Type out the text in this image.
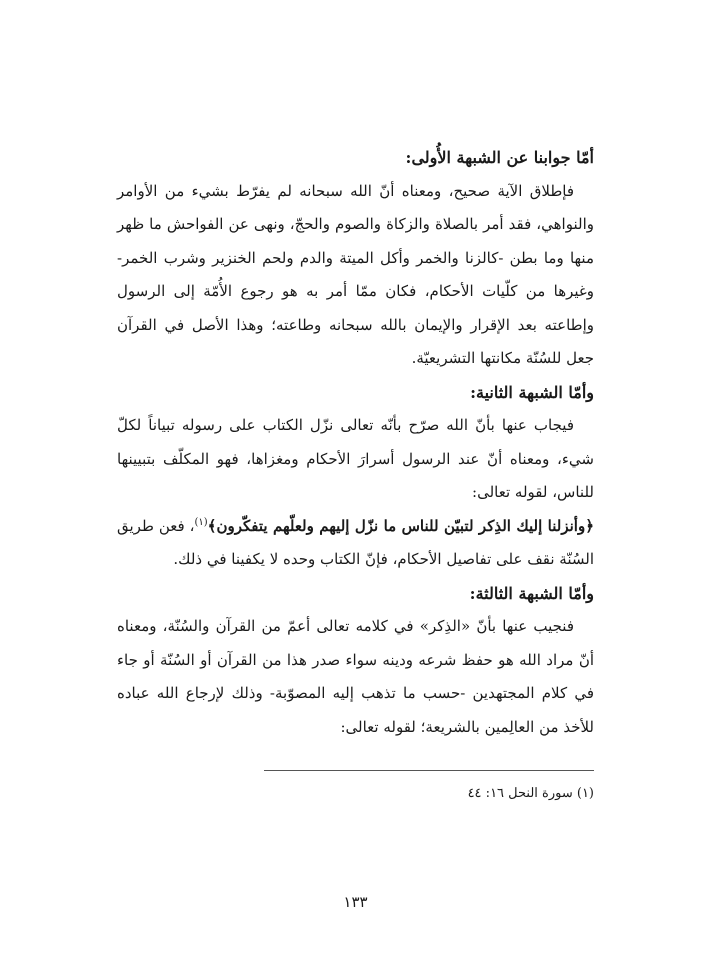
أمّا جوابنا عن الشبهة الأُولى:

فإطلاق الآية صحيح، ومعناه أنّ الله سبحانه لم يفرّط بشيء من الأوامر والنواهي، فقد أمر بالصلاة والزكاة والصوم والحجّ، ونهى عن الفواحش ما ظهر منها وما بطن -كالزنا والخمر وأكل الميتة والدم ولحم الخنزير وشرب الخمر- وغيرها من كلّيات الأحكام، فكان ممّا أمر به هو رجوع الأُمّة إلى الرسول وإطاعته بعد الإقرار والإيمان بالله سبحانه وطاعته؛ وهذا الأصل في القرآن جعل للسُنّة مكانتها التشريعيّة.

وأمّا الشبهة الثانية:

فيجاب عنها بأنّ الله صرّح بأنّه تعالى نزّل الكتاب على رسوله تبياناً لكلّ شيء، ومعناه أنّ عند الرسول أسرارَ الأحكام ومغزاها، فهو المكلّف بتبيينها للناس، لقوله تعالى:

﴿وأنزلنا إليك الذِكر لتبيّن للناس ما نزّل إليهم ولعلّهم يتفكّرون﴾$^{(١)}$، فعن طريق السُنّة نقف على تفاصيل الأحكام، فإنّ الكتاب وحده لا يكفينا في ذلك.

وأمّا الشبهة الثالثة:

فنجيب عنها بأنّ «الذِكر» في كلامه تعالى أعمّ من القرآن والسُنّة، ومعناه أنّ مراد الله هو حفظ شرعه ودينه سواء صدر هذا من القرآن أو السُنّة أو جاء في كلام المجتهدين -حسب ما تذهب إليه المصوّبة- وذلك لإرجاع الله عباده للأخذ من العالِمين بالشريعة؛ لقوله تعالى:

(١) سورة النحل ١٦: ٤٤
١٣٣
